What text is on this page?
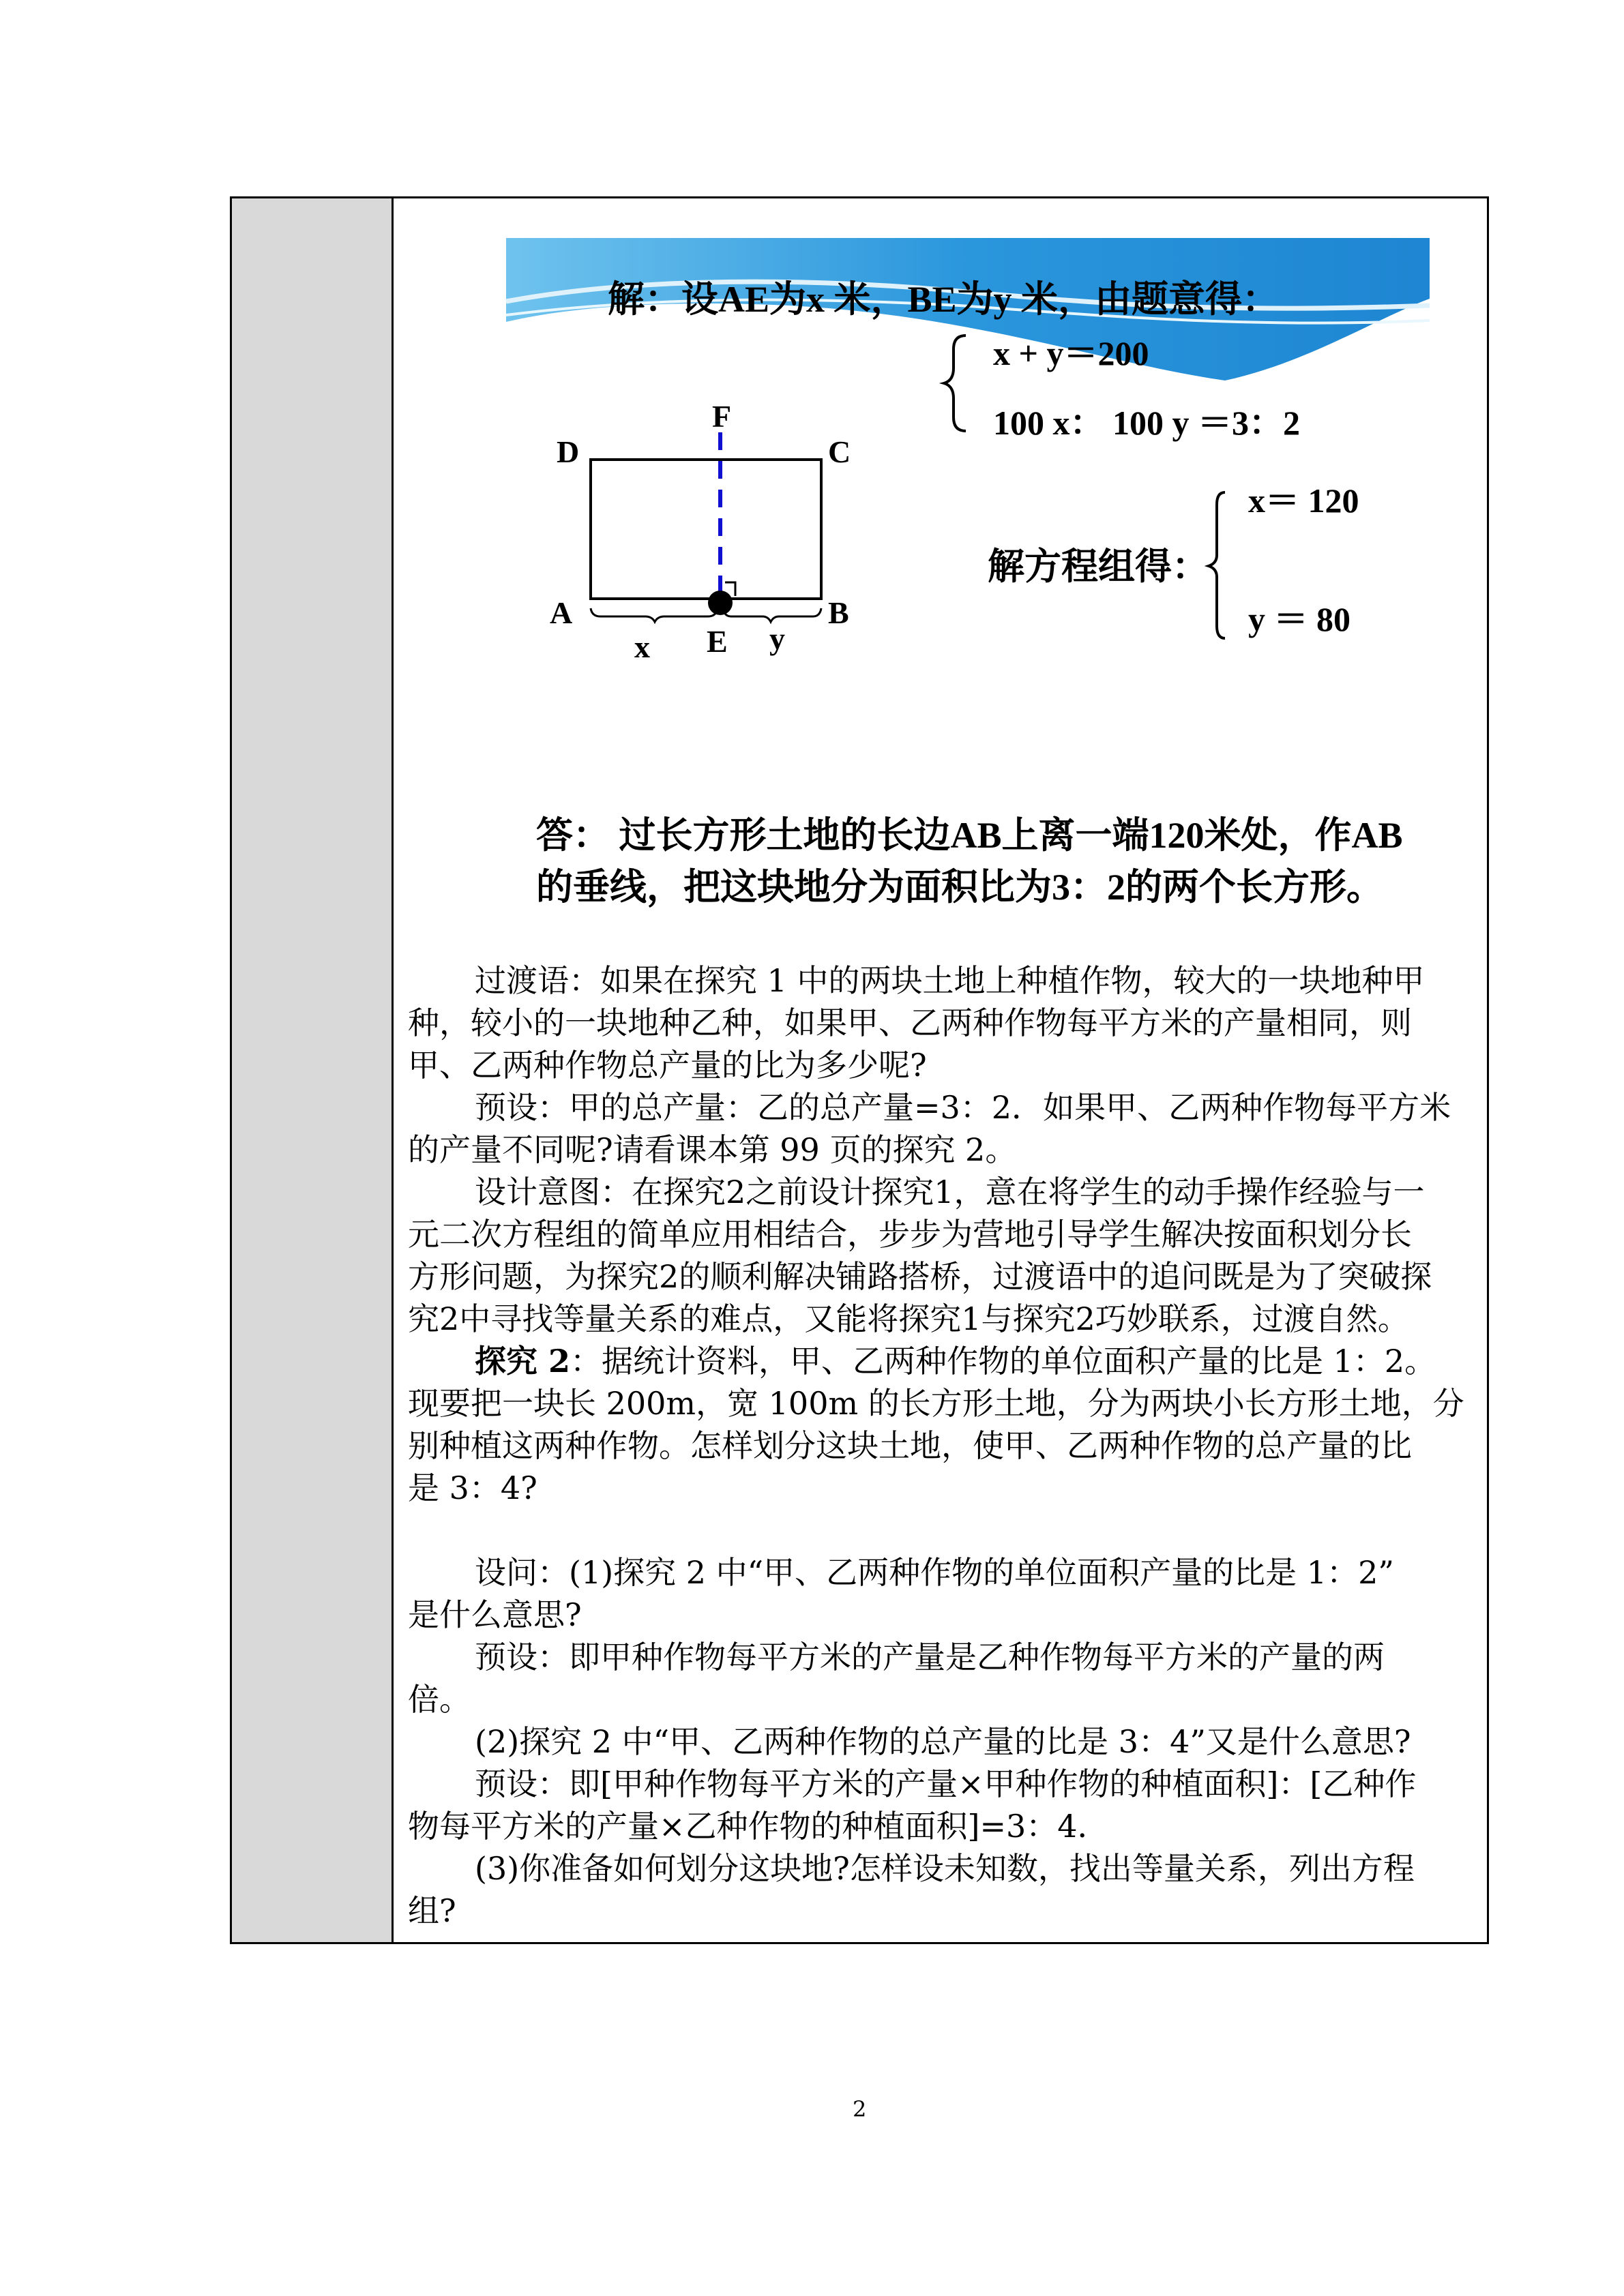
解：设AE为x 米，BE为y 米，由题意得：
x + y＝200
100 x： 100 y ＝3：2
x＝ 120
解方程组得：
y ＝ 80
答： 过长方形土地的长边AB上离一端120米处，作AB
的垂线，把这块地分为面积比为3：2的两个长方形。
D
F
C
A	B
E
x	y

过渡语：如果在探究 1 中的两块土地上种植作物，较大的一块地种甲

种，较小的一块地种乙种，如果甲、乙两种作物每平方米的产量相同，则

甲、乙两种作物总产量的比为多少呢?

预设：甲的总产量：乙的总产量=3：2．如果甲、乙两种作物每平方米

的产量不同呢?请看课本第 99 页的探究 2。

设计意图：在探究2之前设计探究1，意在将学生的动手操作经验与一

元二次方程组的简单应用相结合，步步为营地引导学生解决按面积划分长

方形问题，为探究2的顺利解决铺路搭桥，过渡语中的追问既是为了突破探

究2中寻找等量关系的难点，又能将探究1与探究2巧妙联系，过渡自然。

探究 2：据统计资料，甲、乙两种作物的单位面积产量的比是 1：2。

现要把一块长 200m，宽 100m 的长方形土地，分为两块小长方形土地，分

别种植这两种作物。怎样划分这块土地，使甲、乙两种作物的总产量的比

是 3：4?

设问：(1)探究 2 中“甲、乙两种作物的单位面积产量的比是 1：2”

是什么意思?

预设：即甲种作物每平方米的产量是乙种作物每平方米的产量的两

倍。

(2)探究 2 中“甲、乙两种作物的总产量的比是 3：4”又是什么意思?

预设：即[甲种作物每平方米的产量×甲种作物的种植面积]：[乙种作

物每平方米的产量×乙种作物的种植面积]=3：4．

(3)你准备如何划分这块地?怎样设未知数，找出等量关系，列出方程

组?

2
